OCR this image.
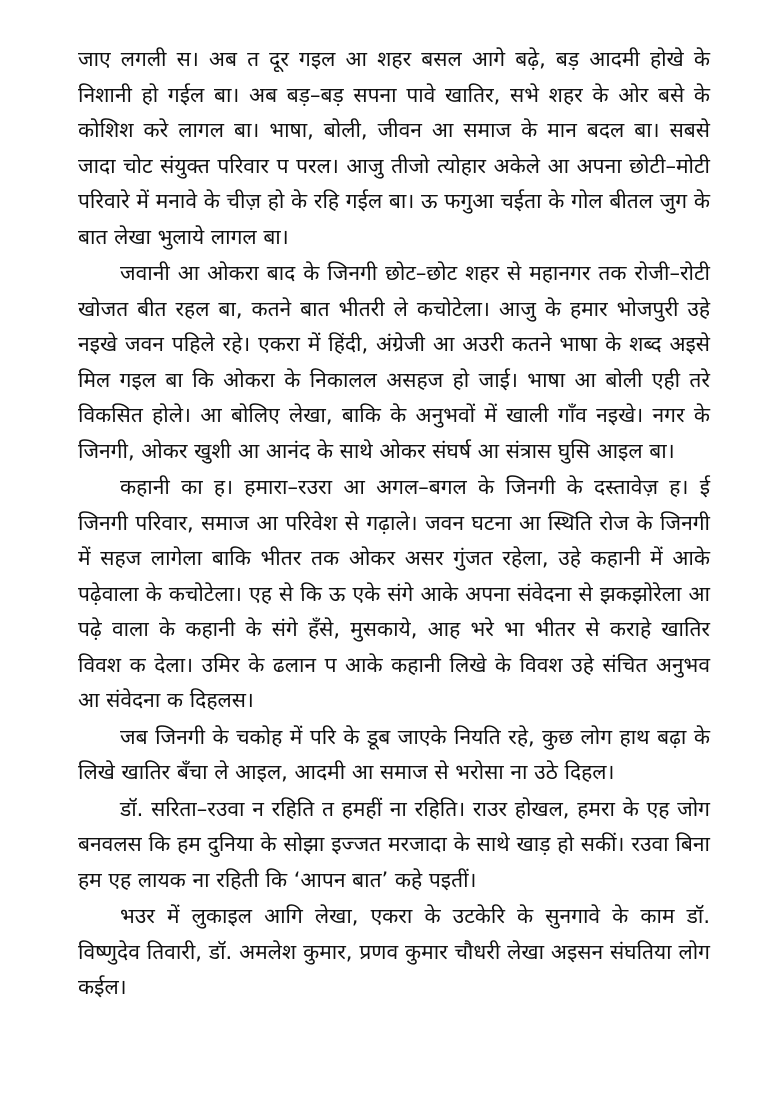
जाए लगली स। अब त दूर गइल आ शहर बसल आगे बढ़े, बड़ आदमी होखे के निशानी हो गईल बा। अब बड़–बड़ सपना पावे खातिर, सभे शहर के ओर बसे के कोशिश करे लागल बा। भाषा, बोली, जीवन आ समाज के मान बदल बा। सबसे जादा चोट संयुक्त परिवार प परल। आजु तीजो त्योहार अकेले आ अपना छोटी–मोटी परिवारे में मनावे के चीज़ हो के रहि गईल बा। ऊ फगुआ चईता के गोल बीतल जुग के बात लेखा भुलाये लागल बा।

जवानी आ ओकरा बाद के जिनगी छोट–छोट शहर से महानगर तक रोजी–रोटी खोजत बीत रहल बा, कतने बात भीतरी ले कचोटेला। आजु के हमार भोजपुरी उहे नइखे जवन पहिले रहे। एकरा में हिंदी, अंग्रेजी आ अउरी कतने भाषा के शब्द अइसे मिल गइल बा कि ओकरा के निकालल असहज हो जाई। भाषा आ बोली एही तरे विकसित होले। आ बोलिए लेखा, बाकि के अनुभवों में खाली गाँव नइखे। नगर के जिनगी, ओकर खुशी आ आनंद के साथे ओकर संघर्ष आ संत्रास घुसि आइल बा।

कहानी का ह। हमारा–रउरा आ अगल–बगल के जिनगी के दस्तावेज़ ह। ई जिनगी परिवार, समाज आ परिवेश से गढ़ाले। जवन घटना आ स्थिति रोज के जिनगी में सहज लागेला बाकि भीतर तक ओकर असर गुंजत रहेला, उहे कहानी में आके पढ़ेवाला के कचोटेला। एह से कि ऊ एके संगे आके अपना संवेदना से झकझोरेला आ पढ़े वाला के कहानी के संगे हँसे, मुसकाये, आह भरे भा भीतर से कराहे खातिर विवश क देला। उमिर के ढलान प आके कहानी लिखे के विवश उहे संचित अनुभव आ संवेदना क दिहलस।

जब जिनगी के चकोह में परि के डूब जाएके नियति रहे, कुछ लोग हाथ बढ़ा के लिखे खातिर बँचा ले आइल, आदमी आ समाज से भरोसा ना उठे दिहल।

डॉ. सरिता–रउवा न रहिति त हमहीं ना रहिति। राउर होखल, हमरा के एह जोग बनवलस कि हम दुनिया के सोझा इज्जत मरजादा के साथे खाड़ हो सकीं। रउवा बिना हम एह लायक ना रहिती कि ‘आपन बात’ कहे पइतीं।

भउर में लुकाइल आगि लेखा, एकरा के उटकेरि के सुनगावे के काम डॉ. विष्णुदेव तिवारी, डॉ. अमलेश कुमार, प्रणव कुमार चौधरी लेखा अइसन संघतिया लोग कईल।
